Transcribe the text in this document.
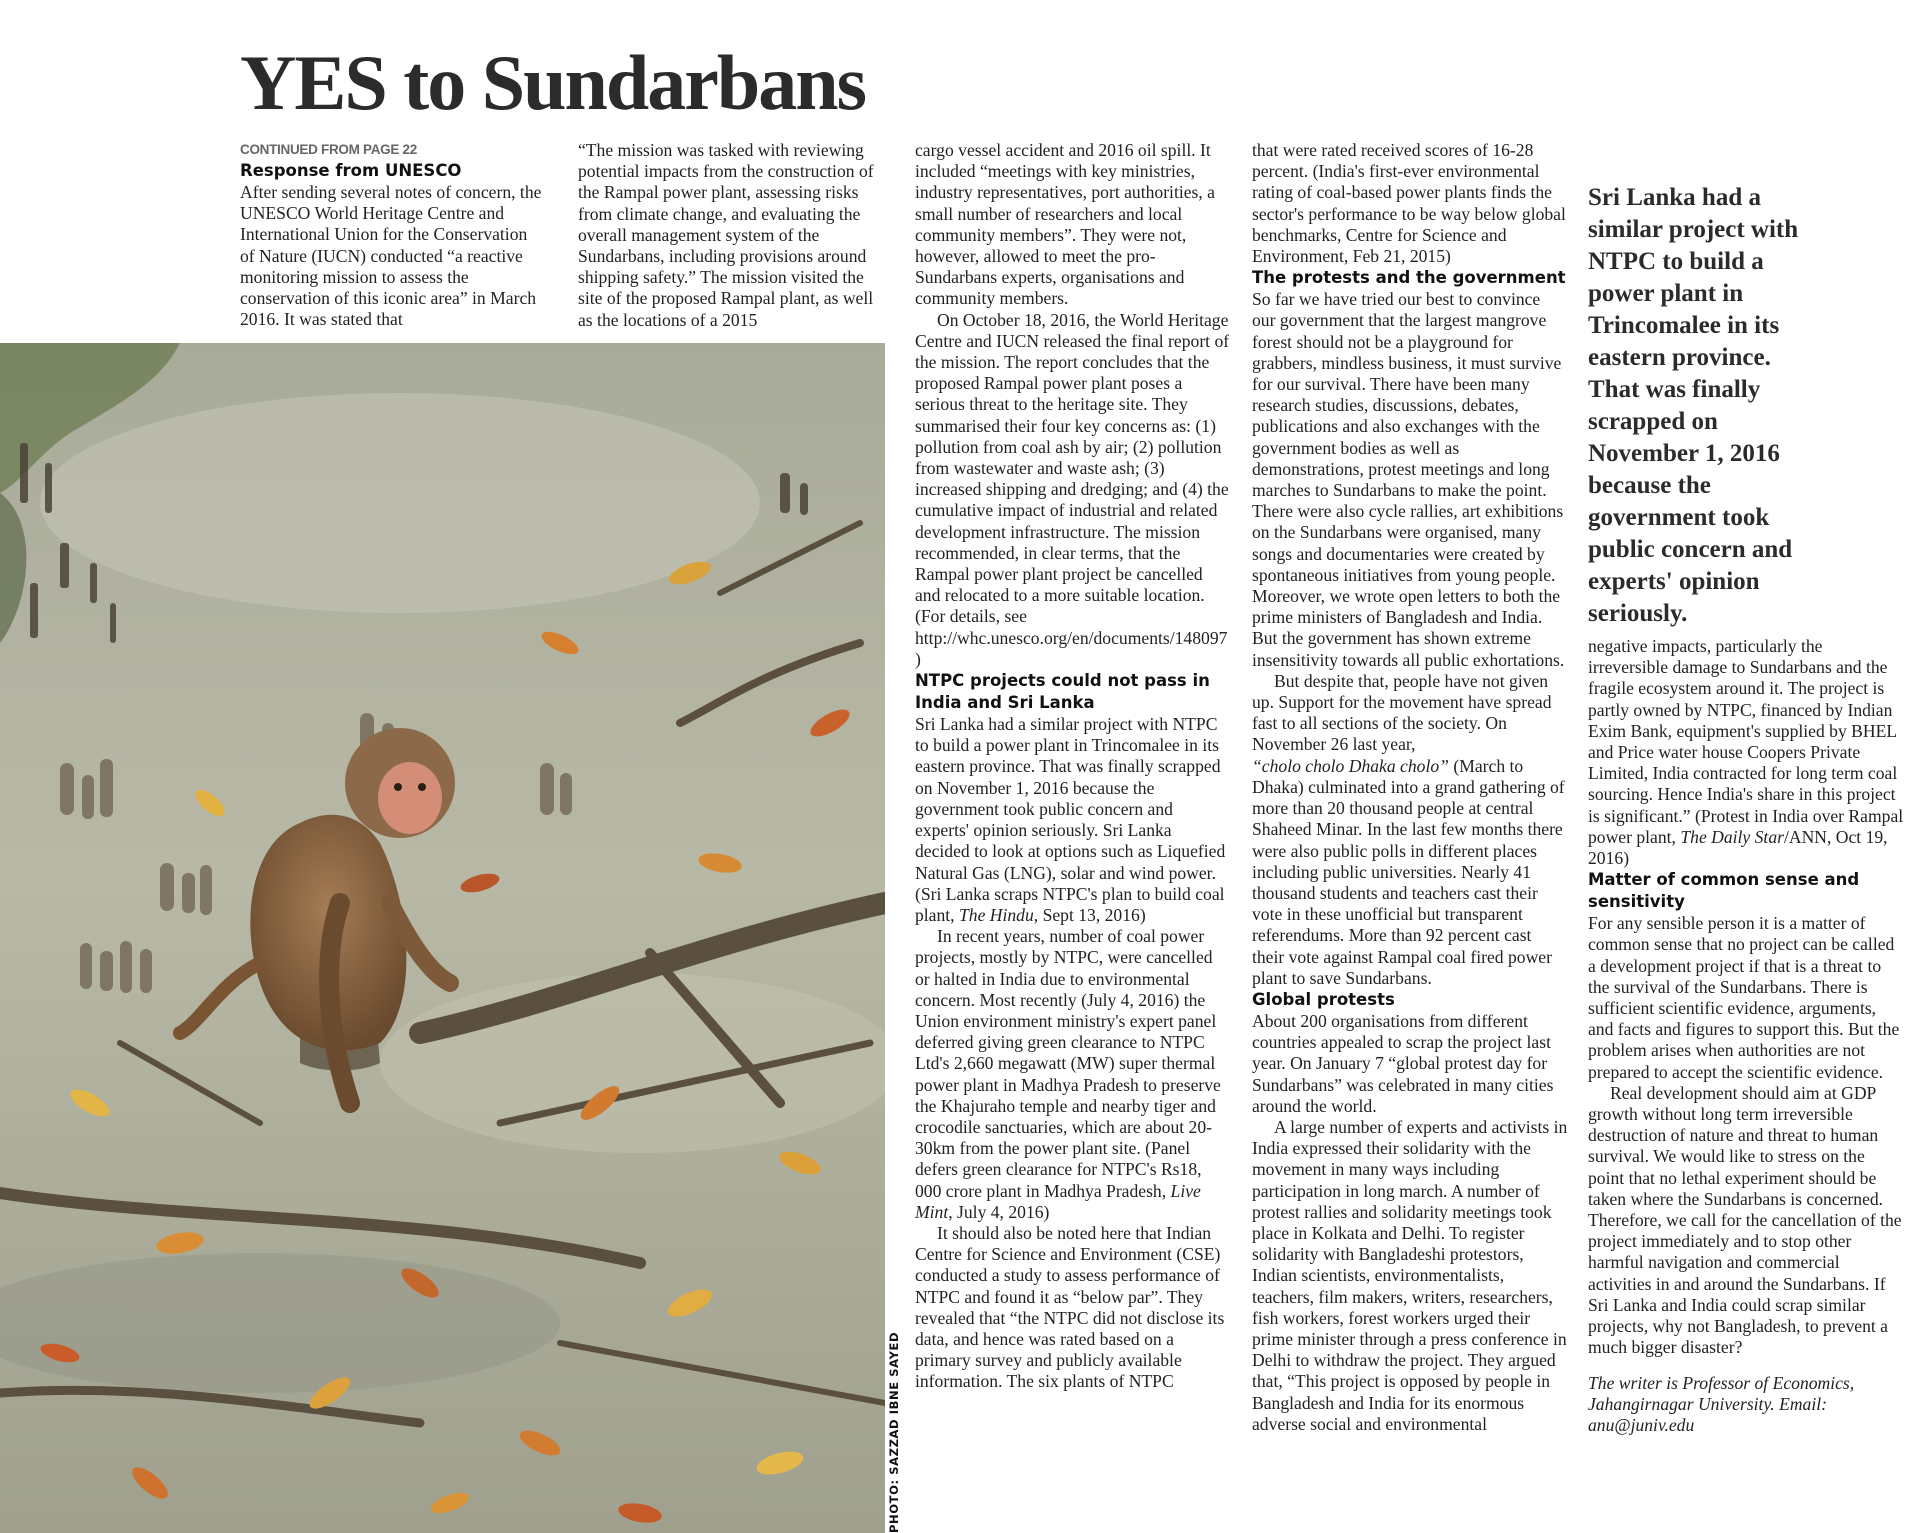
YES to Sundarbans
CONTINUED FROM PAGE 22
Response from UNESCO

After sending several notes of concern, the UNESCO World Heritage Centre and International Union for the Conservation of Nature (IUCN) conducted “a reactive monitoring mission to assess the conservation of this iconic area” in March 2016. It was stated that

“The mission was tasked with reviewing potential impacts from the construction of the Rampal power plant, assessing risks from climate change, and evaluating the overall management system of the Sundarbans, including provisions around shipping safety.” The mission visited the site of the proposed Rampal plant, as well as the locations of a 2015

PHOTO: SAZZAD IBNE SAYED

cargo vessel accident and 2016 oil spill. It included “meetings with key ministries, industry representatives, port authorities, a small number of researchers and local community members”. They were not, however, allowed to meet the pro-Sundarbans experts, organisations and community members.

On October 18, 2016, the World Heritage Centre and IUCN released the final report of the mission. The report concludes that the proposed Rampal power plant poses a serious threat to the heritage site. They summarised their four key concerns as: (1) pollution from coal ash by air; (2) pollution from wastewater and waste ash; (3) increased shipping and dredging; and (4) the cumulative impact of industrial and related development infrastructure. The mission recommended, in clear terms, that the Rampal power plant project be cancelled and relocated to a more suitable location. (For details, see http://whc.unesco.org/en/documents/148097)

NTPC projects could not pass in India and Sri Lanka

Sri Lanka had a similar project with NTPC to build a power plant in Trincomalee in its eastern province. That was finally scrapped on November 1, 2016 because the government took public concern and experts' opinion seriously. Sri Lanka decided to look at options such as Liquefied Natural Gas (LNG), solar and wind power. (Sri Lanka scraps NTPC's plan to build coal plant, The Hindu, Sept 13, 2016)

In recent years, number of coal power projects, mostly by NTPC, were cancelled or halted in India due to environmental concern. Most recently (July 4, 2016) the Union environment ministry's expert panel deferred giving green clearance to NTPC Ltd's 2,660 megawatt (MW) super thermal power plant in Madhya Pradesh to preserve the Khajuraho temple and nearby tiger and crocodile sanctuaries, which are about 20-30km from the power plant site. (Panel defers green clearance for NTPC's Rs18, 000 crore plant in Madhya Pradesh, Live Mint, July 4, 2016)

It should also be noted here that Indian Centre for Science and Environment (CSE) conducted a study to assess performance of NTPC and found it as “below par”. They revealed that “the NTPC did not disclose its data, and hence was rated based on a primary survey and publicly available information. The six plants of NTPC

that were rated received scores of 16-28 percent. (India's first-ever environmental rating of coal-based power plants finds the sector's performance to be way below global benchmarks, Centre for Science and Environment, Feb 21, 2015)

The protests and the government

So far we have tried our best to convince our government that the largest mangrove forest should not be a playground for grabbers, mindless business, it must survive for our survival. There have been many research studies, discussions, debates, publications and also exchanges with the government bodies as well as demonstrations, protest meetings and long marches to Sundarbans to make the point. There were also cycle rallies, art exhibitions on the Sundarbans were organised, many songs and documentaries were created by spontaneous initiatives from young people. Moreover, we wrote open letters to both the prime ministers of Bangladesh and India. But the government has shown extreme insensitivity towards all public exhortations.

But despite that, people have not given up. Support for the movement have spread fast to all sections of the society. On November 26 last year,
“cholo cholo Dhaka cholo” (March to Dhaka) culminated into a grand gathering of more than 20 thousand people at central Shaheed Minar. In the last few months there were also public polls in different places including public universities. Nearly 41 thousand students and teachers cast their vote in these unofficial but transparent referendums. More than 92 percent cast their vote against Rampal coal fired power plant to save Sundarbans.

Global protests

About 200 organisations from different countries appealed to scrap the project last year. On January 7 “global protest day for Sundarbans” was celebrated in many cities around the world.

A large number of experts and activists in India expressed their solidarity with the movement in many ways including participation in long march. A number of protest rallies and solidarity meetings took place in Kolkata and Delhi. To register solidarity with Bangladeshi protestors, Indian scientists, environmentalists, teachers, film makers, writers, researchers, fish workers, forest workers urged their prime minister through a press conference in Delhi to withdraw the project. They argued that, “This project is opposed by people in Bangladesh and India for its enormous adverse social and environmental

Sri Lanka had a similar project with NTPC to build a power plant in Trincomalee in its eastern province. That was finally scrapped on November 1, 2016 because the government took public concern and experts' opinion seriously.

negative impacts, particularly the irreversible damage to Sundarbans and the fragile ecosystem around it. The project is partly owned by NTPC, financed by Indian Exim Bank, equipment's supplied by BHEL and Price water house Coopers Private Limited, India contracted for long term coal sourcing. Hence India's share in this project is significant.” (Protest in India over Rampal power plant, The Daily Star/ANN, Oct 19, 2016)

Matter of common sense and sensitivity

For any sensible person it is a matter of common sense that no project can be called a development project if that is a threat to the survival of the Sundarbans. There is sufficient scientific evidence, arguments, and facts and figures to support this. But the problem arises when authorities are not prepared to accept the scientific evidence.

Real development should aim at GDP growth without long term irreversible destruction of nature and threat to human survival. We would like to stress on the point that no lethal experiment should be taken where the Sundarbans is concerned. Therefore, we call for the cancellation of the project immediately and to stop other harmful navigation and commercial activities in and around the Sundarbans. If Sri Lanka and India could scrap similar projects, why not Bangladesh, to prevent a much bigger disaster?

The writer is Professor of Economics, Jahangirnagar University. Email: anu@juniv.edu
